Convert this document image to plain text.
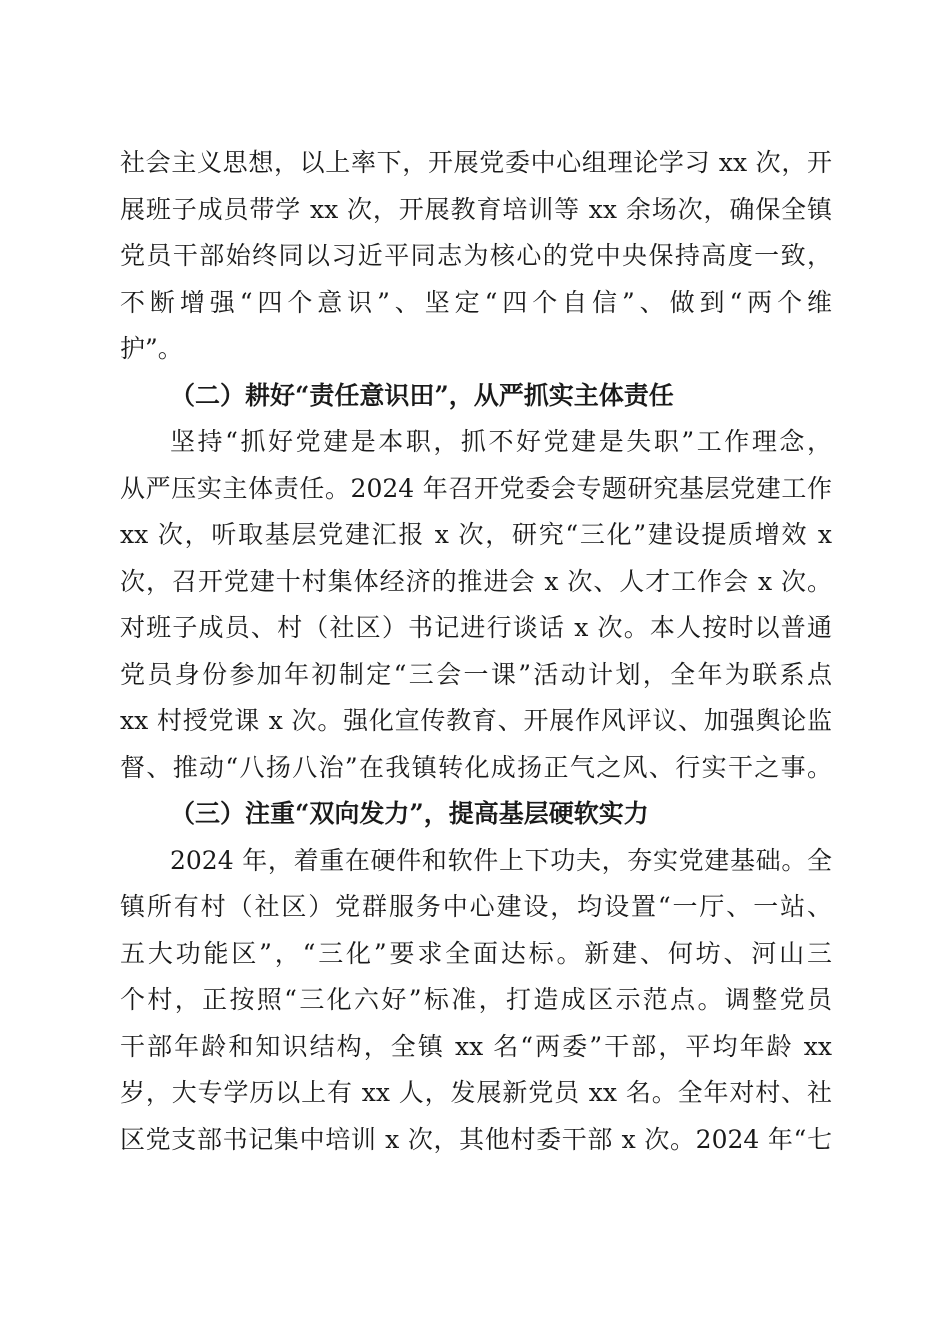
社会主义思想，以上率下，开展党委中心组理论学习 xx 次，开
展班子成员带学 xx 次，开展教育培训等 xx 余场次，确保全镇
党员干部始终同以习近平同志为核心的党中央保持高度一致，
不断增强“四个意识”、坚定“四个自信”、做到“两个维
护”。
（二）耕好“责任意识田”，从严抓实主体责任
坚持“抓好党建是本职，抓不好党建是失职”工作理念，
从严压实主体责任。2024 年召开党委会专题研究基层党建工作
xx 次，听取基层党建汇报 x 次，研究“三化”建设提质增效 x
次，召开党建十村集体经济的推进会 x 次、人才工作会 x 次。
对班子成员、村（社区）书记进行谈话 x 次。本人按时以普通
党员身份参加年初制定“三会一课”活动计划，全年为联系点
xx 村授党课 x 次。强化宣传教育、开展作风评议、加强舆论监
督、推动“八扬八治”在我镇转化成扬正气之风、行实干之事。
（三）注重“双向发力”，提高基层硬软实力
2024 年，着重在硬件和软件上下功夫，夯实党建基础。全
镇所有村（社区）党群服务中心建设，均设置“一厅、一站、
五大功能区”，“三化”要求全面达标。新建、何坊、河山三
个村，正按照“三化六好”标准，打造成区示范点。调整党员
干部年龄和知识结构，全镇 xx 名“两委”干部，平均年龄 xx
岁，大专学历以上有 xx 人，发展新党员 xx 名。全年对村、社
区党支部书记集中培训 x 次，其他村委干部 x 次。2024 年“七
